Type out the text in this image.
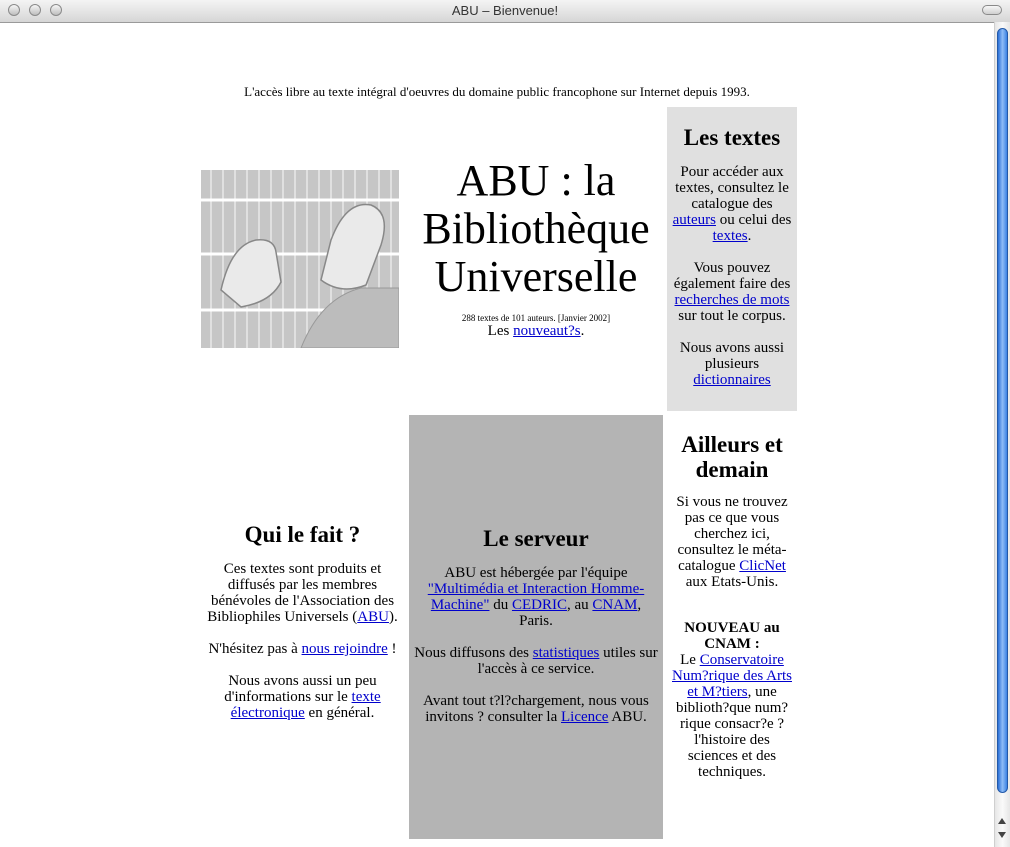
ABU – Bienvenue!
L'accès libre au texte intégral d'oeuvres du domaine public francophone sur Internet depuis 1993.
ABU : la
Bibliothèque
Universelle
288 textes de 101 auteurs. [Janvier 2002]
Les nouveaut?s.
Les textes

Pour accéder aux textes, consultez le catalogue des auteurs ou celui des textes.

Vous pouvez également faire des recherches de mots sur tout le corpus.

Nous avons aussi plusieurs dictionnaires

Qui le fait ?

Ces textes sont produits et diffusés par les membres bénévoles de l'Association des Bibliophiles Universels (ABU).

N'hésitez pas à nous rejoindre !

Nous avons aussi un peu d'informations sur le texte électronique en général.

Le serveur

ABU est hébergée par l'équipe "Multimédia et Interaction Homme-Machine" du CEDRIC, au CNAM, Paris.

Nous diffusons des statistiques utiles sur l'accès à ce service.

Avant tout t?l?chargement, nous vous invitons ? consulter la Licence ABU.

Ailleurs et demain

Si vous ne trouvez pas ce que vous cherchez ici, consultez le méta-catalogue ClicNet aux Etats-Unis.

NOUVEAU au CNAM :

Le Conservatoire Num?rique des Arts et M?tiers, une biblioth?que num?rique consacr?e ? l'histoire des sciences et des techniques.
